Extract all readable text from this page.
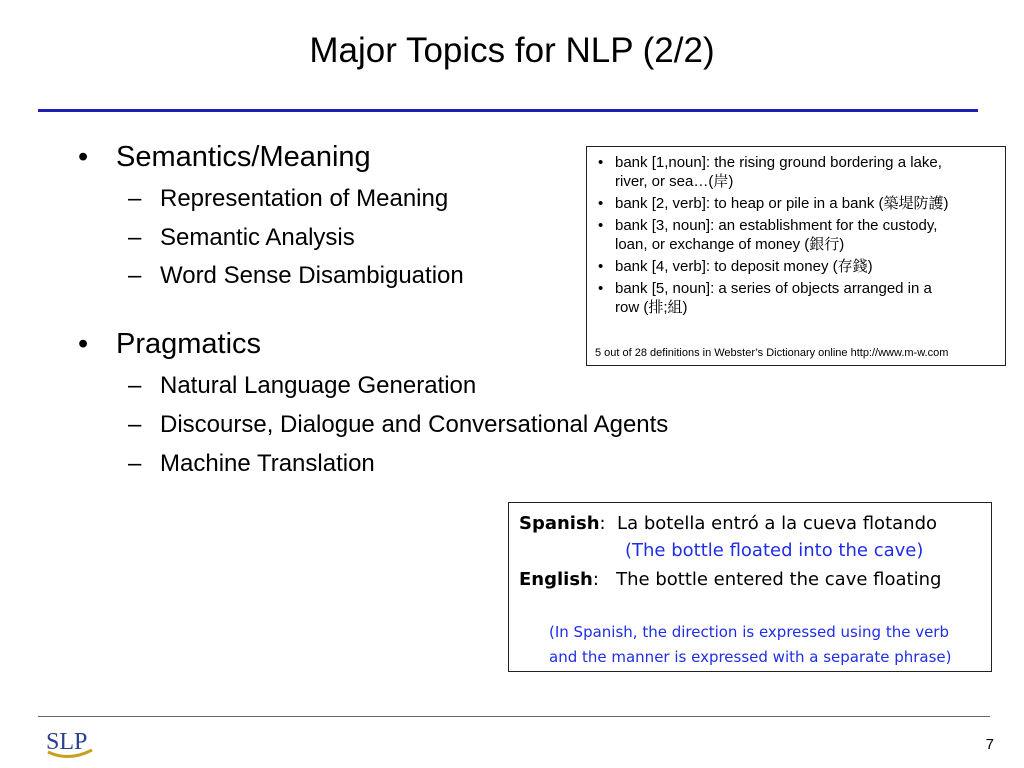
Major Topics for NLP (2/2)
• Semantics/Meaning
– Representation of Meaning
– Semantic Analysis
– Word Sense Disambiguation
• Pragmatics
– Natural Language Generation
– Discourse, Dialogue and Conversational Agents
– Machine Translation
• bank [1,noun]: the rising ground bordering a lake,
river, or sea…(岸)
• bank [2, verb]: to heap or pile in a bank (築堤防護)
• bank [3, noun]: an establishment for the custody,
loan, or exchange of money (銀行)
• bank [4, verb]: to deposit money (存錢)
• bank [5, noun]: a series of objects arranged in a
row (排;組)
5 out of 28 definitions in Webster’s Dictionary online http://www.m-w.com
Spanish: La botella entró a la cueva flotando
(The bottle floated into the cave)
English: The bottle entered the cave floating
(In Spanish, the direction is expressed using the verb
and the manner is expressed with a separate phrase)
SLP	7
